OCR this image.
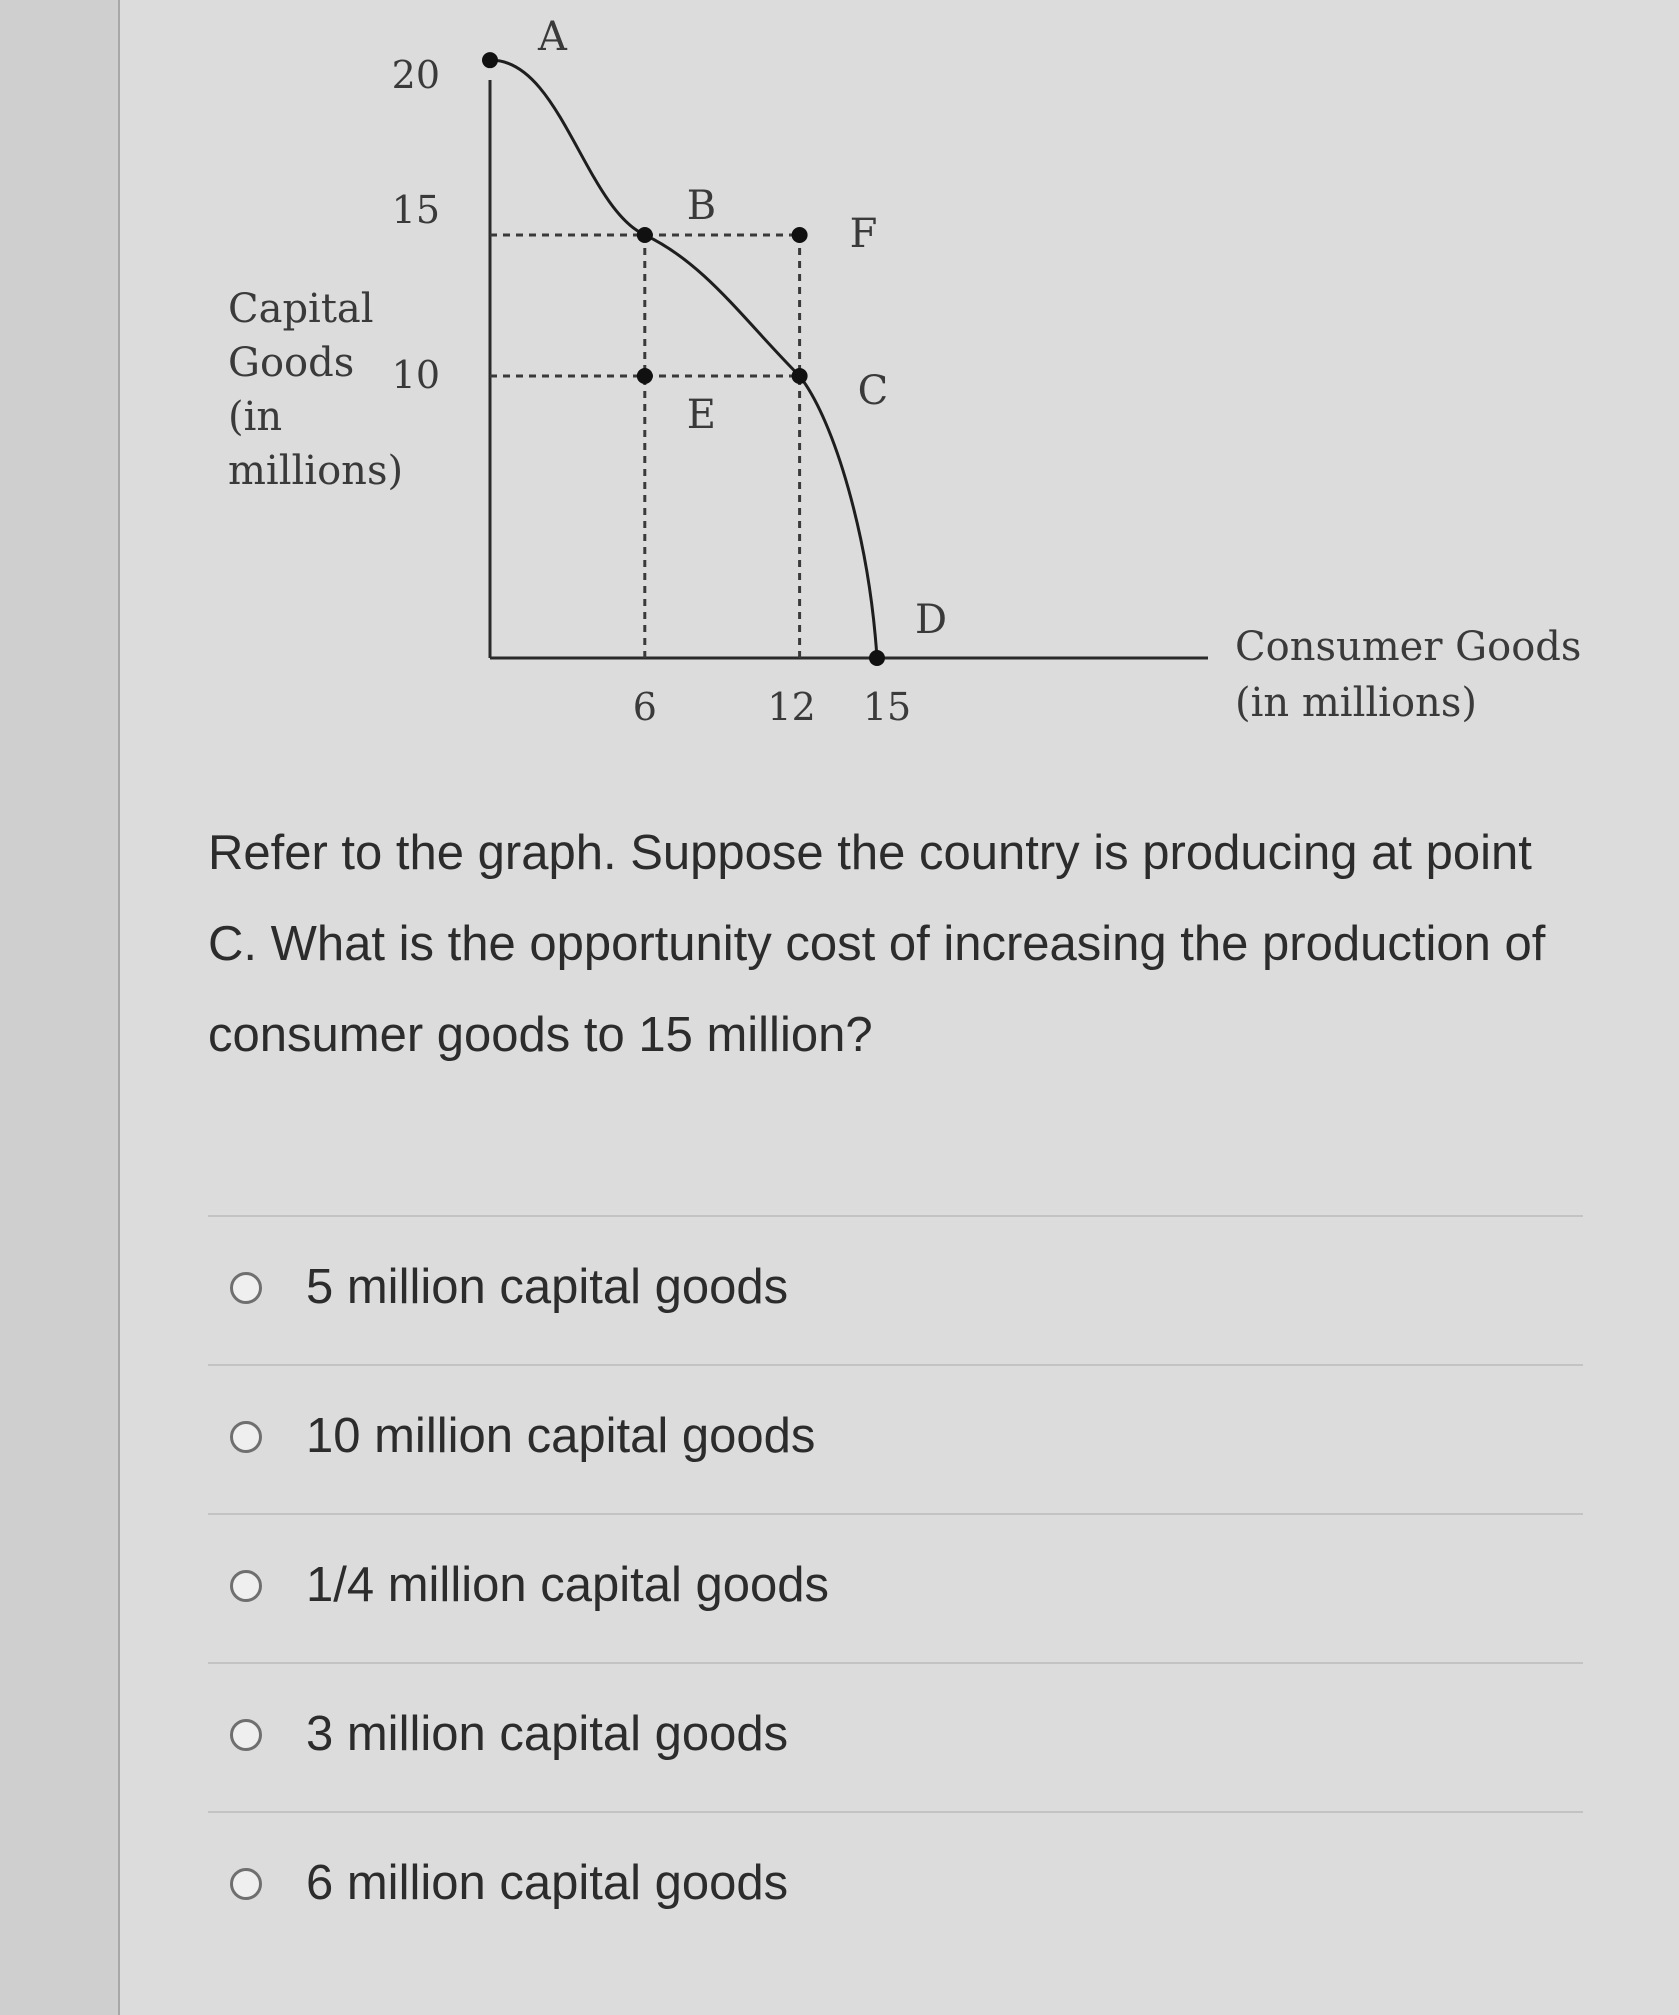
Capital
Goods
(in
millions)
20
15
10
6	12 15
Consumer Goods
(in millions)
A
B
C
D
E
F

Refer to the graph. Suppose the country is producing at point C. What is the opportunity cost of increasing the production of consumer goods to 15 million?

5 million capital goods
10 million capital goods
1/4 million capital goods
3 million capital goods
6 million capital goods
